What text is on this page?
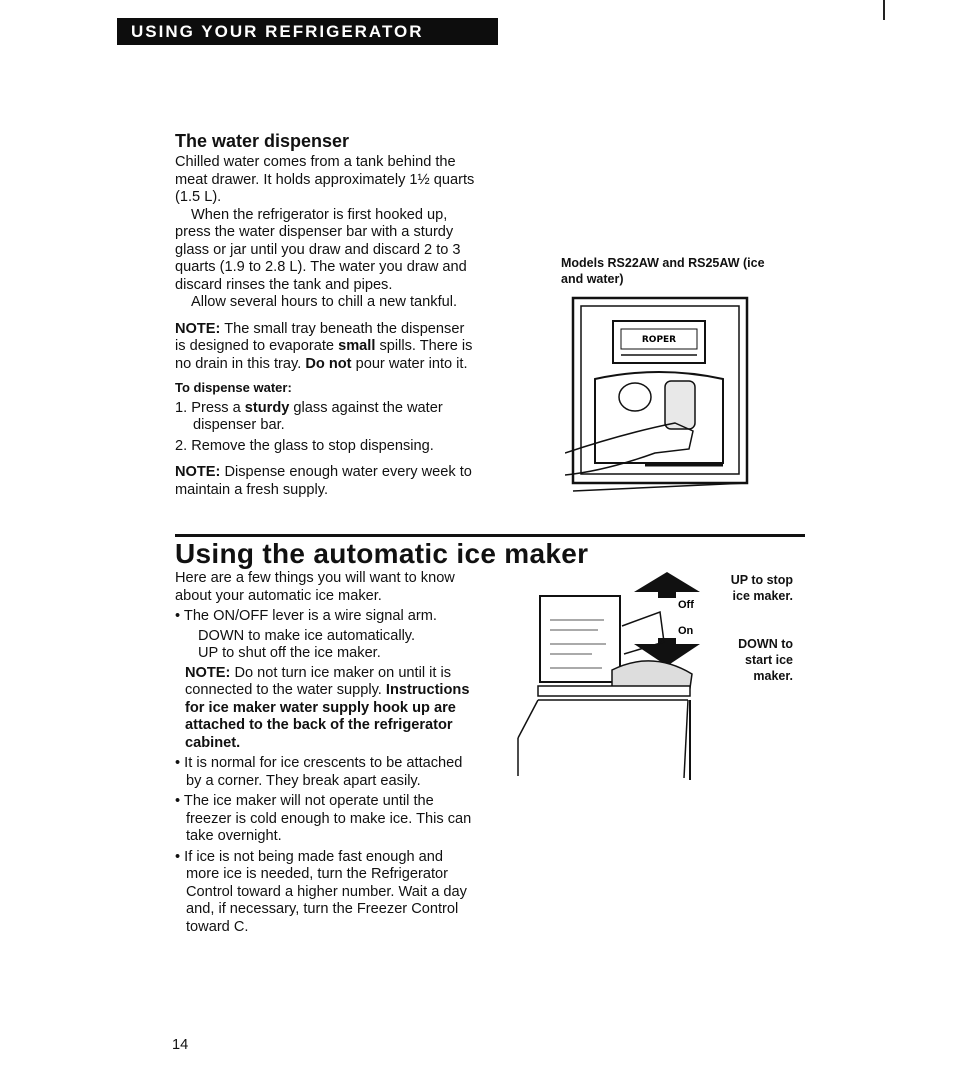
USING YOUR REFRIGERATOR
The water dispenser

Chilled water comes from a tank behind the meat drawer. It holds approximately 1½ quarts (1.5 L).

When the refrigerator is first hooked up, press the water dispenser bar with a sturdy glass or jar until you draw and discard 2 to 3 quarts (1.9 to 2.8 L). The water you draw and discard rinses the tank and pipes.

Allow several hours to chill a new tankful.

NOTE: The small tray beneath the dispenser is designed to evaporate small spills. There is no drain in this tray. Do not pour water into it.

To dispense water:

1. Press a sturdy glass against the water dispenser bar.

2. Remove the glass to stop dispensing.

NOTE: Dispense enough water every week to maintain a fresh supply.

Models RS22AW and RS25AW (ice and water)
ROPER
Using the automatic ice maker

Here are a few things you will want to know about your automatic ice maker.

• The ON/OFF lever is a wire signal arm.

DOWN to make ice automatically.

UP to shut off the ice maker.

NOTE: Do not turn ice maker on until it is connected to the water supply. Instructions for ice maker water supply hook up are attached to the back of the refrigerator cabinet.

• It is normal for ice crescents to be attached by a corner. They break apart easily.

• The ice maker will not operate until the freezer is cold enough to make ice. This can take overnight.

• If ice is not being made fast enough and more ice is needed, turn the Refrigerator Control toward a higher number. Wait a day and, if necessary, turn the Freezer Control toward C.

Off
On
UP to stop ice maker.
DOWN to start ice maker.
14
